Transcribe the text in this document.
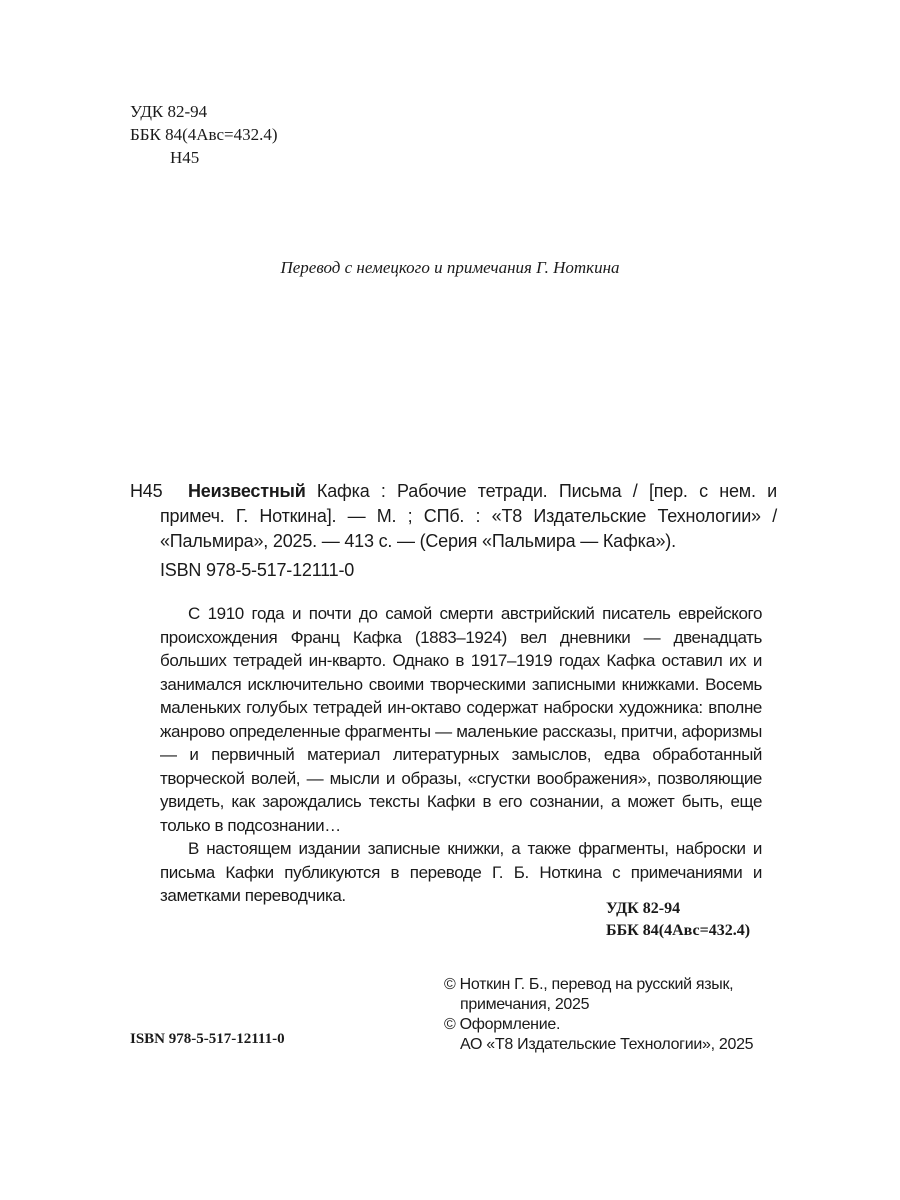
УДК 82-94
ББК 84(4Авс=432.4)
Н45
Перевод с немецкого и примечания Г. Ноткина
Н45 Неизвестный Кафка : Рабочие тетради. Письма / [пер. с нем. и примеч. Г. Ноткина]. — М. ; СПб. : «Т8 Издательские Технологии» / «Пальмира», 2025. — 413 с. — (Серия «Пальмира — Кафка»).
ISBN 978-5-517-12111-0

С 1910 года и почти до самой смерти австрийский писатель еврейского происхождения Франц Кафка (1883–1924) вел дневники — двенадцать больших тетрадей ин-кварто. Однако в 1917–1919 годах Кафка оставил их и занимался исключительно своими творческими записными книжками. Восемь маленьких голубых тетрадей ин-октаво содержат наброски художника: вполне жанрово определенные фрагменты — маленькие рассказы, притчи, афоризмы — и первичный материал литературных замыслов, едва обработанный творческой волей, — мысли и образы, «сгустки воображения», позволяющие увидеть, как зарождались тексты Кафки в его сознании, а может быть, еще только в подсознании…

В настоящем издании записные книжки, а также фрагменты, наброски и письма Кафки публикуются в переводе Г. Б. Ноткина с примечаниями и заметками переводчика.

УДК 82-94
ББК 84(4Авс=432.4)
© Ноткин Г. Б., перевод на русский язык,
примечания, 2025
© Оформление.
АО «Т8 Издательские Технологии», 2025
ISBN 978-5-517-12111-0
